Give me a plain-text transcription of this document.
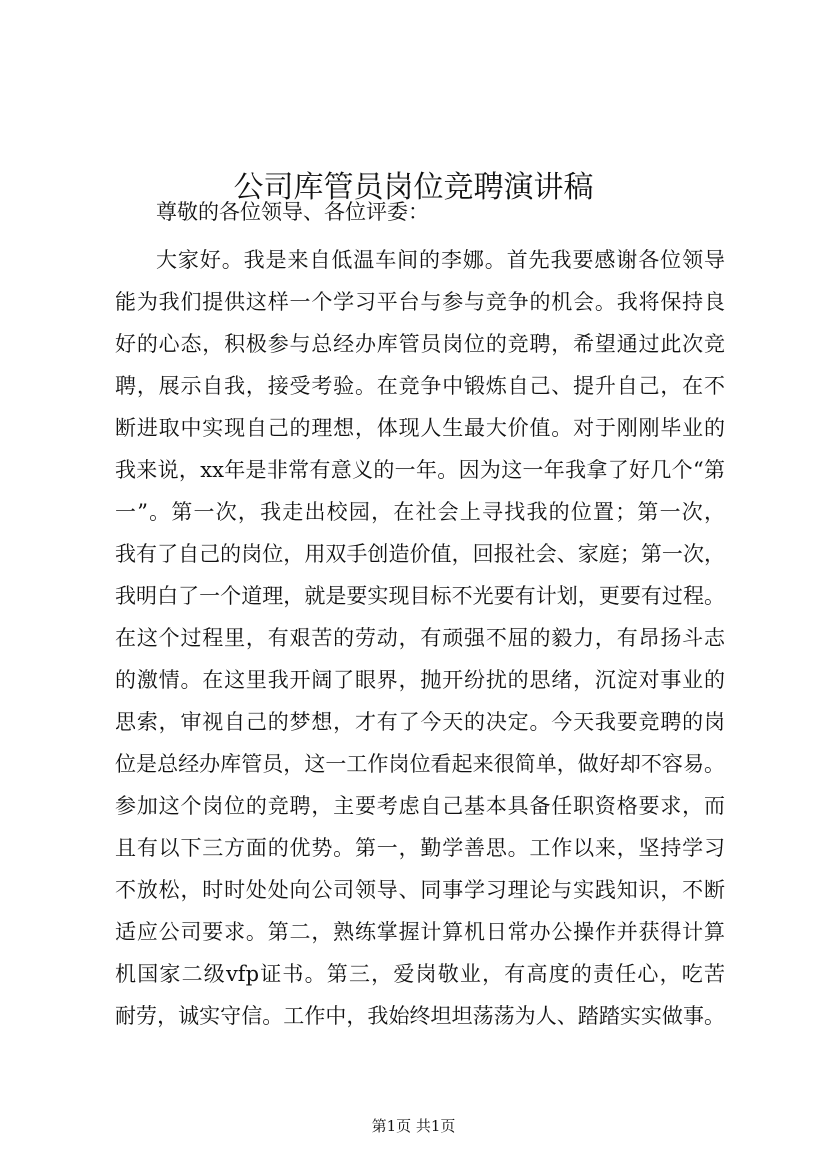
公司库管员岗位竞聘演讲稿
尊敬的各位领导、各位评委：
大家好。我是来自低温车间的李娜。首先我要感谢各位领导
能为我们提供这样一个学习平台与参与竞争的机会。我将保持良
好的心态，积极参与总经办库管员岗位的竞聘，希望通过此次竞
聘，展示自我，接受考验。在竞争中锻炼自己、提升自己，在不
断进取中实现自己的理想，体现人生最大价值。对于刚刚毕业的
我来说，xx年是非常有意义的一年。因为这一年我拿了好几个“第
一”。第一次，我走出校园，在社会上寻找我的位置；第一次，
我有了自己的岗位，用双手创造价值，回报社会、家庭；第一次，
我明白了一个道理，就是要实现目标不光要有计划，更要有过程。
在这个过程里，有艰苦的劳动，有顽强不屈的毅力，有昂扬斗志
的激情。在这里我开阔了眼界，抛开纷扰的思绪，沉淀对事业的
思索，审视自己的梦想，才有了今天的决定。今天我要竞聘的岗
位是总经办库管员，这一工作岗位看起来很简单，做好却不容易。
参加这个岗位的竞聘，主要考虑自己基本具备任职资格要求，而
且有以下三方面的优势。第一，勤学善思。工作以来，坚持学习
不放松，时时处处向公司领导、同事学习理论与实践知识，不断
适应公司要求。第二，熟练掌握计算机日常办公操作并获得计算
机国家二级vfp证书。第三，爱岗敬业，有高度的责任心，吃苦
耐劳，诚实守信。工作中，我始终坦坦荡荡为人、踏踏实实做事。
第1页 共1页
